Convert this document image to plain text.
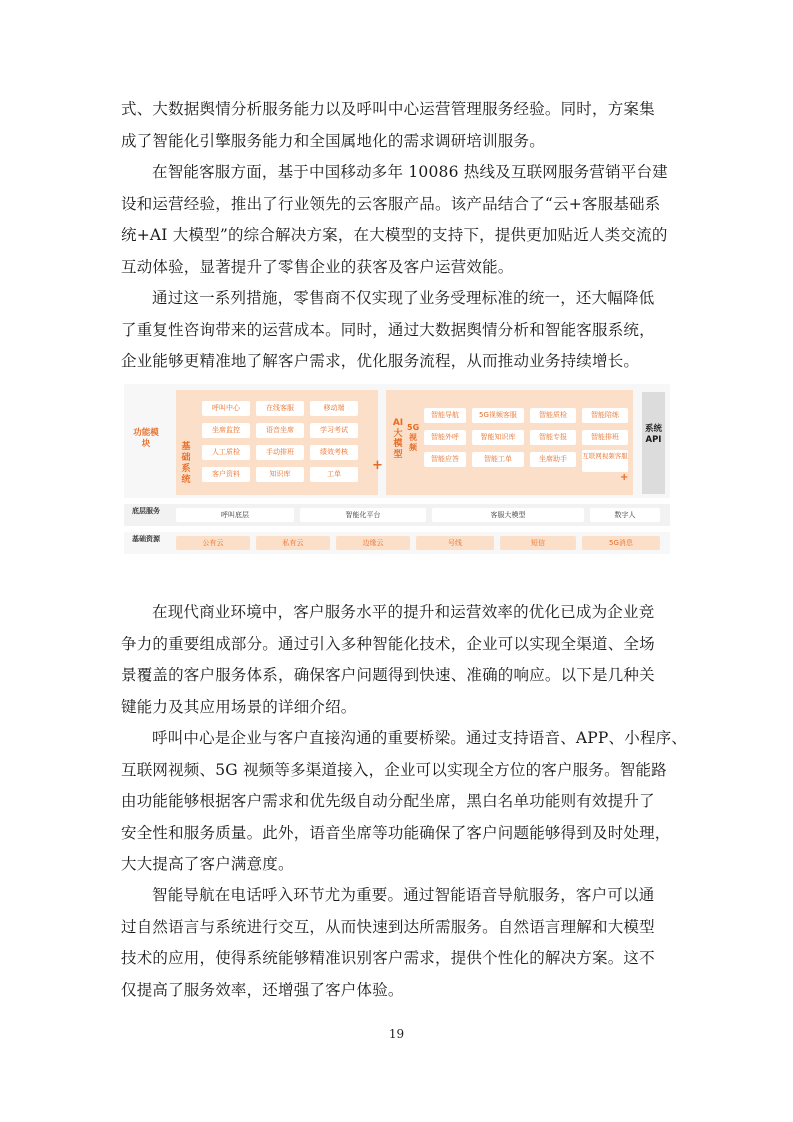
式、大数据舆情分析服务能力以及呼叫中心运营管理服务经验。同时，方案集
成了智能化引擎服务能力和全国属地化的需求调研培训服务。
在智能客服方面，基于中国移动多年 10086 热线及互联网服务营销平台建
设和运营经验，推出了行业领先的云客服产品。该产品结合了“云+客服基础系
统+AI 大模型”的综合解决方案，在大模型的支持下，提供更加贴近人类交流的
互动体验，显著提升了零售企业的获客及客户运营效能。
通过这一系列措施，零售商不仅实现了业务受理标准的统一，还大幅降低
了重复性咨询带来的运营成本。同时，通过大数据舆情分析和智能客服系统，
企业能够更精准地了解客户需求，优化服务流程，从而推动业务持续增长。
功能模块	基础系统
呼叫中心	在线客服	移动端
坐席监控	语音坐席	学习考试
人工质检	手动排班	绩效考核
客户资料	知识库	工单
+
AI大模型
5G视频
智能导航	5G视频客服	智能质检	智能陪练
智能外呼	智能知识库	智能专报	智能排班
智能应答	智能工单	坐席助手	互联网视频客服
+
系统API
底层服务	呼叫底层	智能化平台	客服大模型	数字人
基础资源	公有云	私有云	边缘云	号线	短信	5G消息
在现代商业环境中，客户服务水平的提升和运营效率的优化已成为企业竞
争力的重要组成部分。通过引入多种智能化技术，企业可以实现全渠道、全场
景覆盖的客户服务体系，确保客户问题得到快速、准确的响应。以下是几种关
键能力及其应用场景的详细介绍。
呼叫中心是企业与客户直接沟通的重要桥梁。通过支持语音、APP、小程序、
互联网视频、5G 视频等多渠道接入，企业可以实现全方位的客户服务。智能路
由功能能够根据客户需求和优先级自动分配坐席，黑白名单功能则有效提升了
安全性和服务质量。此外，语音坐席等功能确保了客户问题能够得到及时处理，
大大提高了客户满意度。
智能导航在电话呼入环节尤为重要。通过智能语音导航服务，客户可以通
过自然语言与系统进行交互，从而快速到达所需服务。自然语言理解和大模型
技术的应用，使得系统能够精准识别客户需求，提供个性化的解决方案。这不
仅提高了服务效率，还增强了客户体验。
19
